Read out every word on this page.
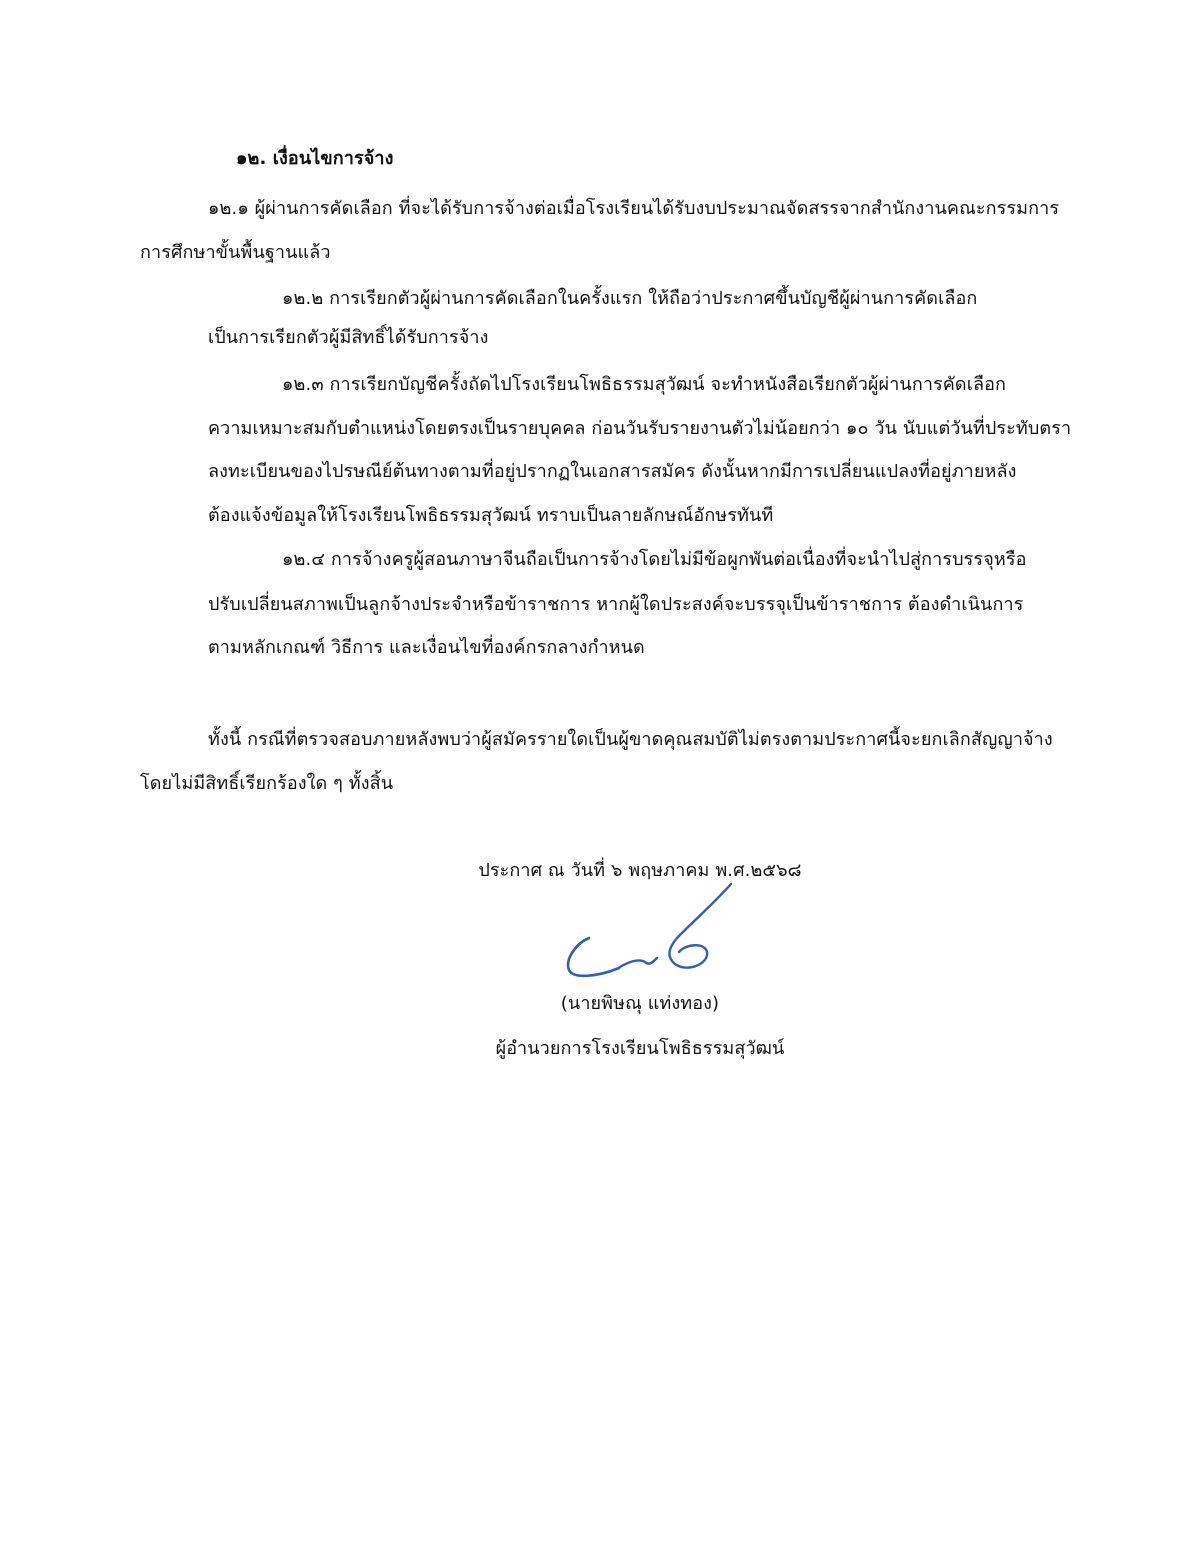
๑๒. เงื่อนไขการจ้าง
๑๒.๑ ผู้ผ่านการคัดเลือก ที่จะได้รับการจ้างต่อเมื่อโรงเรียนได้รับงบประมาณจัดสรรจากสำนักงานคณะกรรมการ
การศึกษาขั้นพื้นฐานแล้ว
๑๒.๒ การเรียกตัวผู้ผ่านการคัดเลือกในครั้งแรก ให้ถือว่าประกาศขึ้นบัญชีผู้ผ่านการคัดเลือก
เป็นการเรียกตัวผู้มีสิทธิ์ได้รับการจ้าง
๑๒.๓ การเรียกบัญชีครั้งถัดไปโรงเรียนโพธิธรรมสุวัฒน์ จะทำหนังสือเรียกตัวผู้ผ่านการคัดเลือก
ความเหมาะสมกับตำแหน่งโดยตรงเป็นรายบุคคล ก่อนวันรับรายงานตัวไม่น้อยกว่า ๑๐ วัน นับแต่วันที่ประทับตรา
ลงทะเบียนของไปรษณีย์ต้นทางตามที่อยู่ปรากฏในเอกสารสมัคร ดังนั้นหากมีการเปลี่ยนแปลงที่อยู่ภายหลัง
ต้องแจ้งข้อมูลให้โรงเรียนโพธิธรรมสุวัฒน์ ทราบเป็นลายลักษณ์อักษรทันที
๑๒.๔ การจ้างครูผู้สอนภาษาจีนถือเป็นการจ้างโดยไม่มีข้อผูกพันต่อเนื่องที่จะนำไปสู่การบรรจุหรือ
ปรับเปลี่ยนสภาพเป็นลูกจ้างประจำหรือข้าราชการ หากผู้ใดประสงค์จะบรรจุเป็นข้าราชการ ต้องดำเนินการ
ตามหลักเกณฑ์ วิธีการ และเงื่อนไขที่องค์กรกลางกำหนด
ทั้งนี้ กรณีที่ตรวจสอบภายหลังพบว่าผู้สมัครรายใดเป็นผู้ขาดคุณสมบัติไม่ตรงตามประกาศนี้จะยกเลิกสัญญาจ้าง
โดยไม่มีสิทธิ์เรียกร้องใด ๆ ทั้งสิ้น
ประกาศ ณ วันที่ ๖ พฤษภาคม พ.ศ.๒๕๖๘
(นายพิษณุ แท่งทอง)
ผู้อำนวยการโรงเรียนโพธิธรรมสุวัฒน์
